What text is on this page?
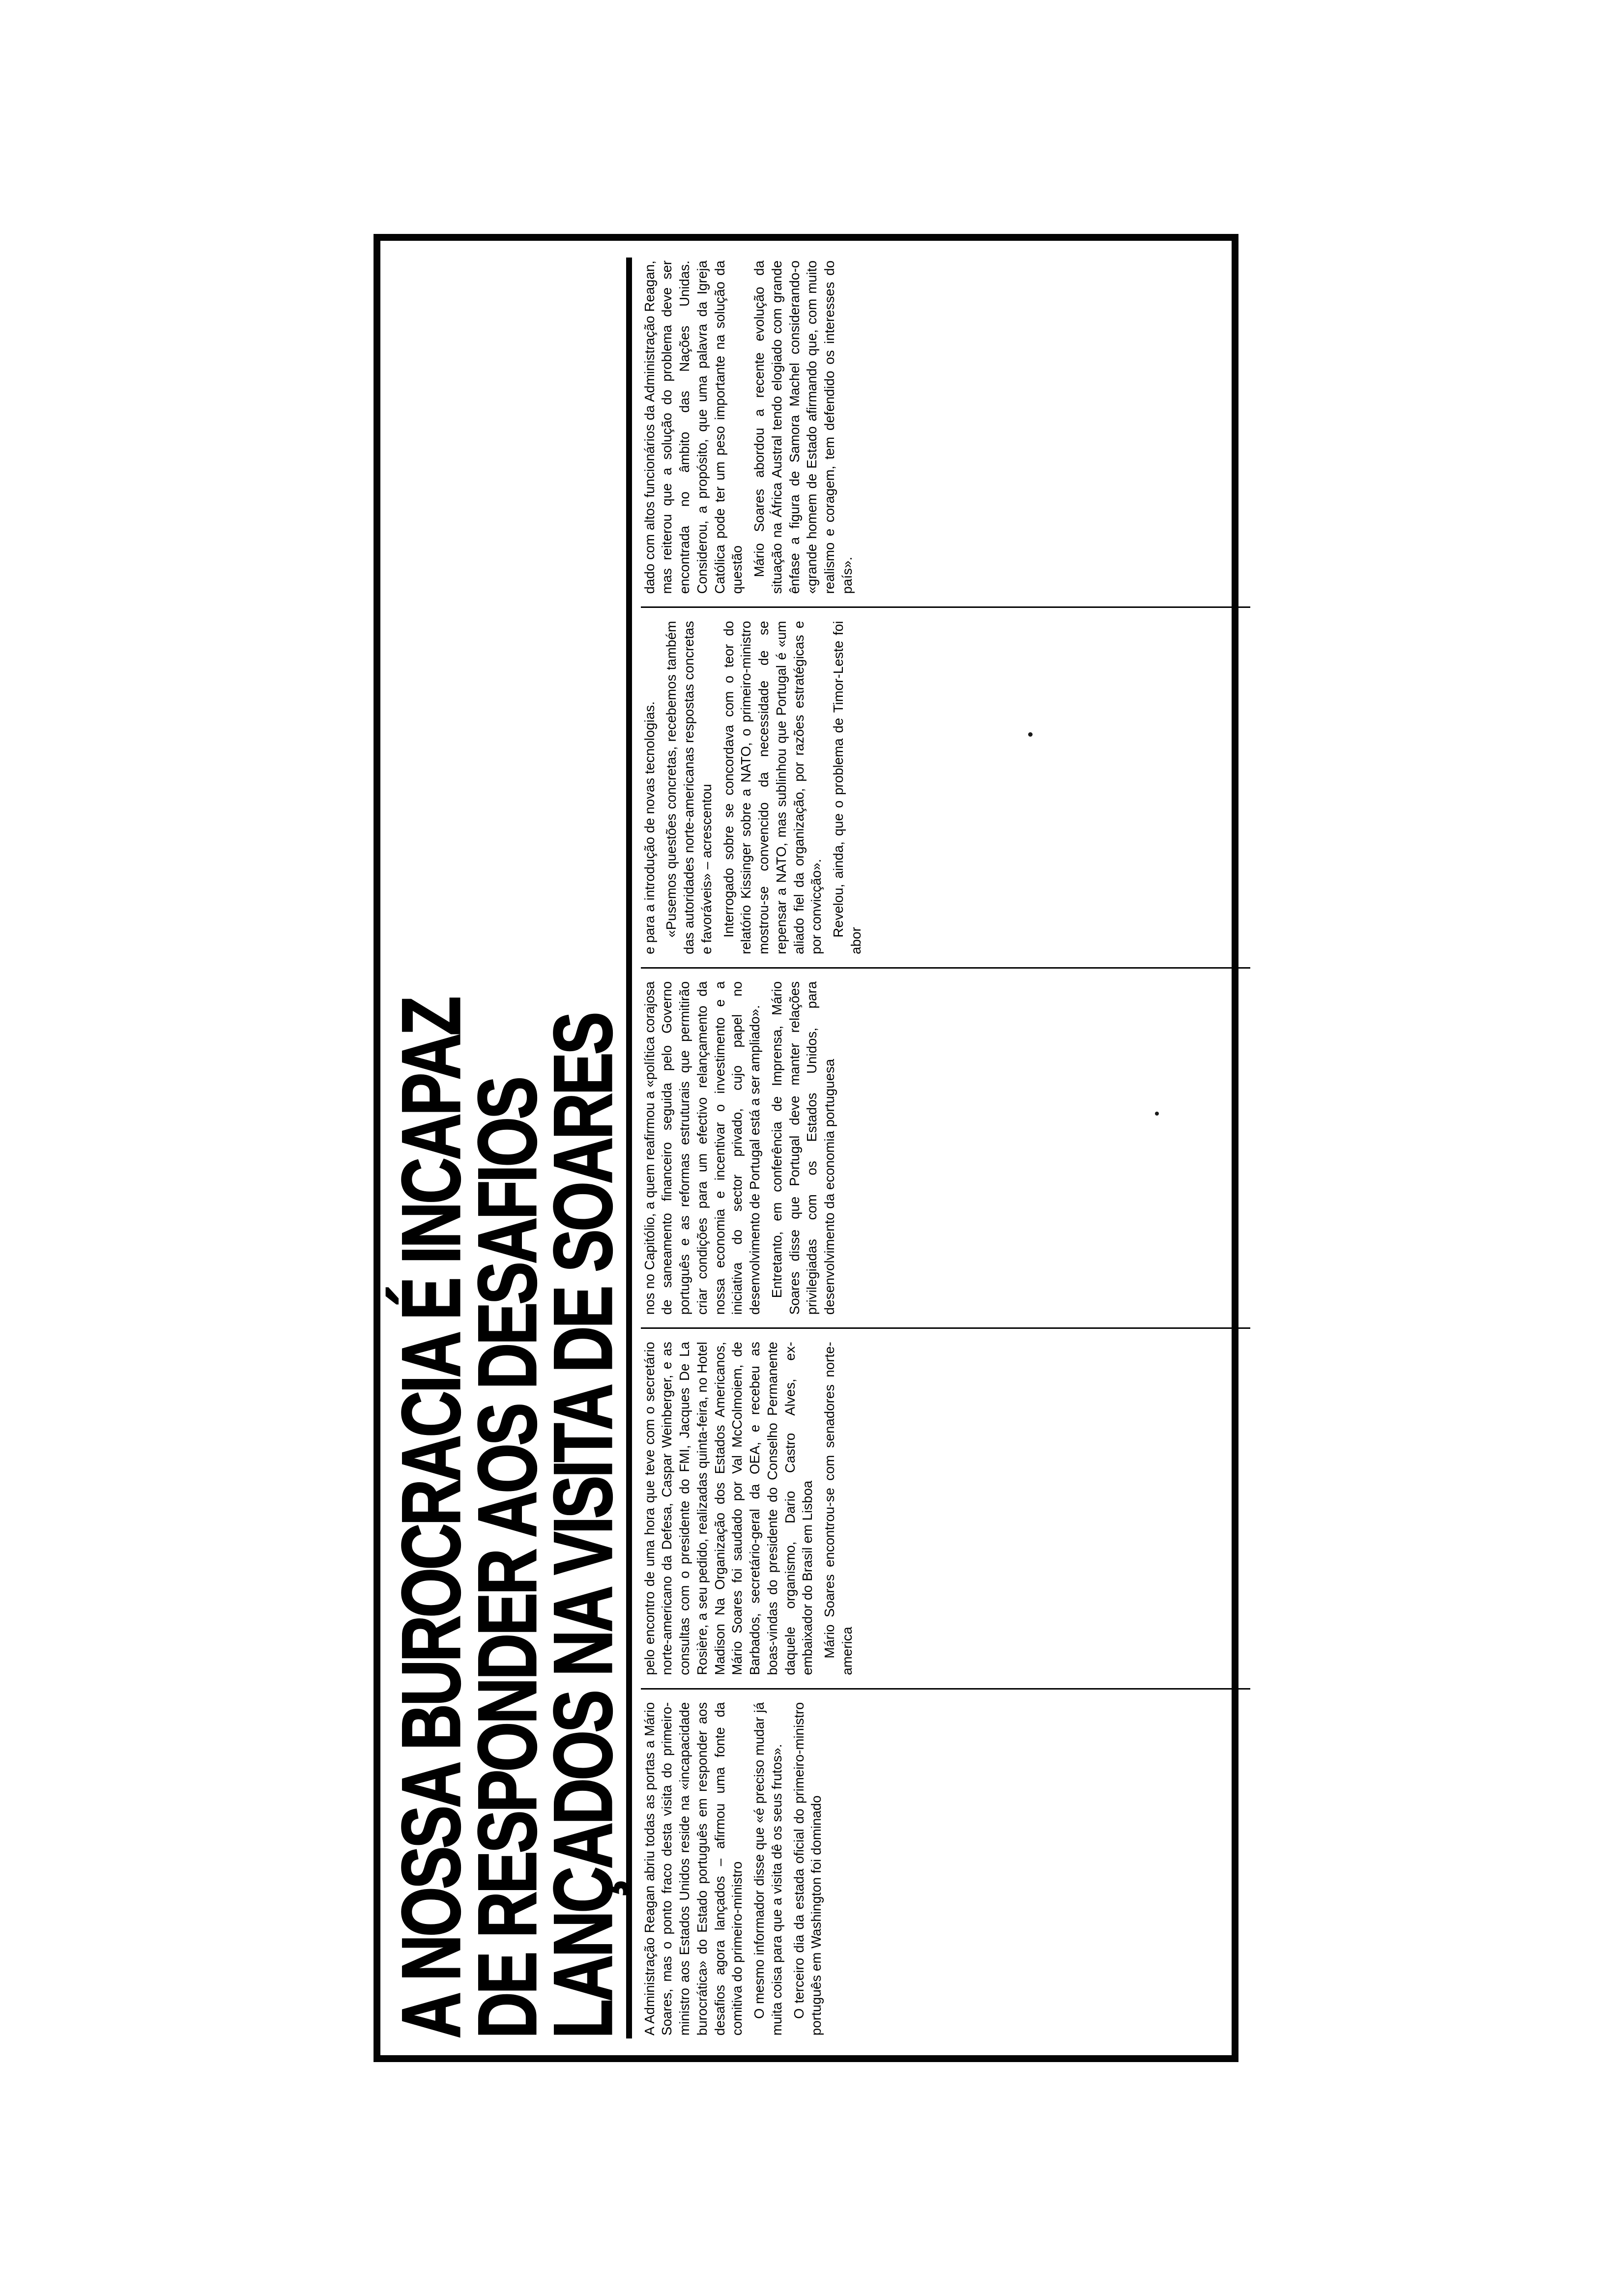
A NOSSA BUROCRACIA É INCAPAZ
DE RESPONDER AOS DESAFIOS
LANÇADOS NA VISITA DE SOARES A Administração Reagan abriu todas as portas a Mário Soares, mas o ponto fraco desta visita do primeiro-ministro aos Estados Unidos reside na «incapacidade burocrática» do Estado português em responder aos desafios agora lançados – afirmou uma fonte da comitiva do primeiro-ministro O mesmo informador disse que «é preciso mudar já muita coisa para que a visita dê os seus frutos». O terceiro dia da estada oficial do primeiro-ministro português em Washington foi dominado

pelo encontro de uma hora que teve com o secretário norte-americano da Defesa, Caspar Weinberger, e as consultas com o presidente do FMI, Jacques De La Rosière, a seu pedido, realizadas quinta-feira, no Hotel Madison Na Organização dos Estados Americanos, Mário Soares foi saudado por Val McColmoiem, de Barbados, secretário-geral da OEA, e recebeu as boas-vindas do presidente do Conselho Permanente daquele organismo, Dario Castro Alves, ex-embaixador do Brasil em Lisboa Mário Soares encontrou-se com senadores norte-america

nos no Capitólio, a quem reafirmou a «política corajosa de saneamento financeiro seguida pelo Governo português e as reformas estruturais que permitirão criar condições para um efectivo relançamento da nossa economia e incentivar o investimento e a iniciativa do sector privado, cujo papel no desenvolvimento de Portugal está a ser ampliado». Entretanto, em conferência de Imprensa, Mário Soares disse que Portugal deve manter relações privilegiadas com os Estados Unidos, para desenvolvimento da economia portuguesa

e para a introdução de novas tecnologias. «Pusemos questões concretas, recebemos também das autoridades norte-americanas respostas concretas e favoráveis» – acrescentou Interrogado sobre se concordava com o teor do relatório Kissinger sobre a NATO, o primeiro-ministro mostrou-se convencido da necessidade de se repensar a NATO, mas sublinhou que Portugal é «um aliado fiel da organização, por razões estratégicas e por convicção». Revelou, ainda, que o problema de Timor-Leste foi abor

dado com altos funcionários da Administração Reagan, mas reiterou que a solução do problema deve ser encontrada no âmbito das Nações Unidas. Considerou, a propósito, que uma palavra da Igreja Católica pode ter um peso importante na solução da questão Mário Soares abordou a recente evolução da situação na África Austral tendo elogiado com grande ênfase a figura de Samora Machel considerando-o «grande homem de Estado afirmando que, com muito realismo e coragem, tem defendido os interesses do país».
